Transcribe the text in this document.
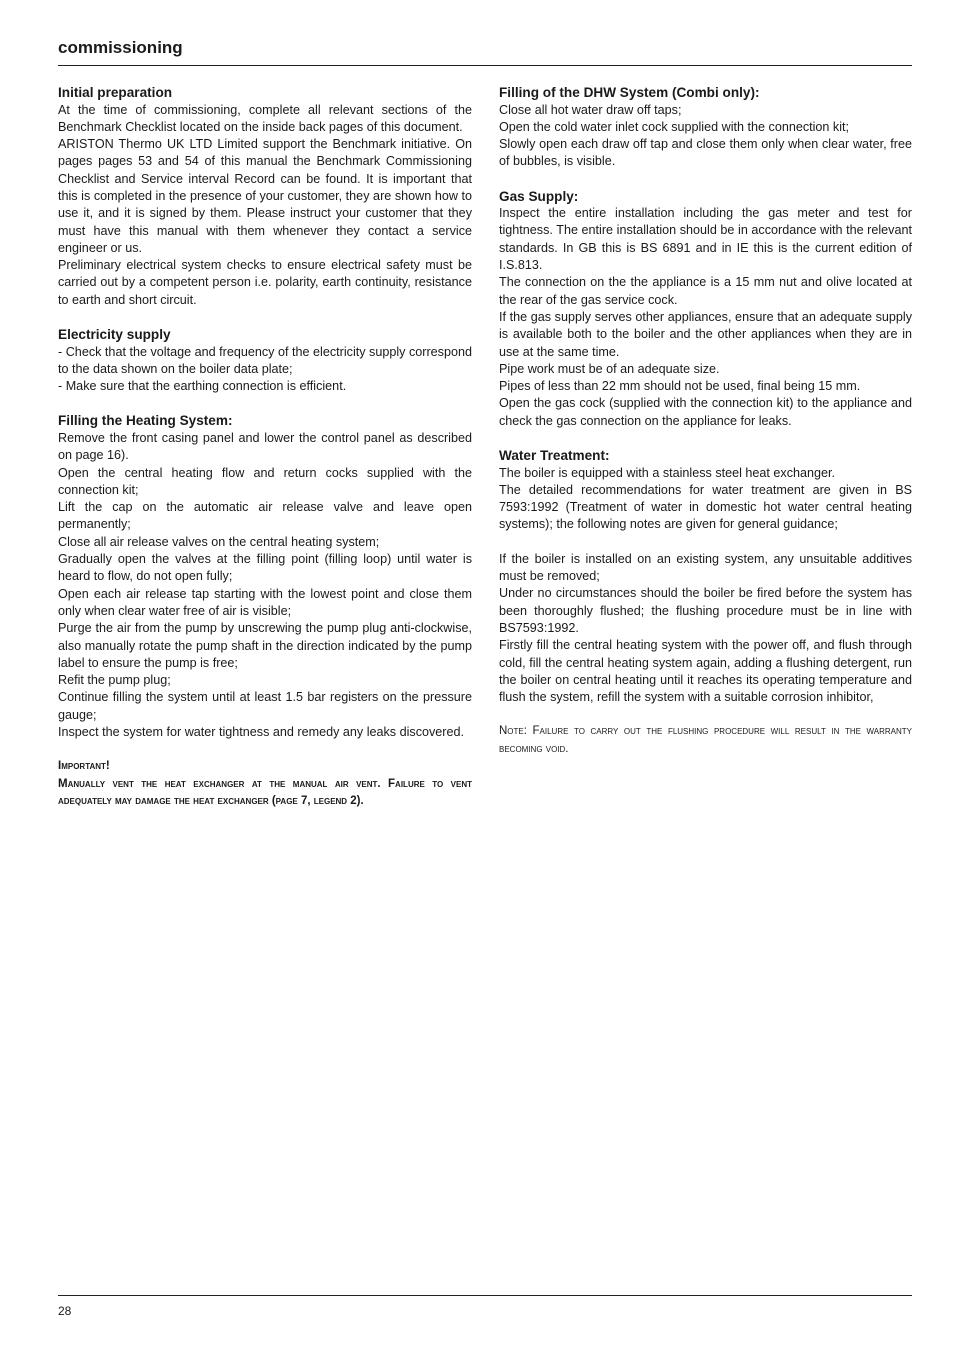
commissioning
Initial preparation

At the time of commissioning, complete all relevant sections of the Benchmark Checklist located on the inside back pages of this document.

ARISTON Thermo UK LTD Limited support the Benchmark initiative. On pages pages 53 and 54 of this manual the Benchmark Commissioning Checklist and Service interval Record can be found. It is important that this is completed in the presence of your customer, they are shown how to use it, and it is signed by them. Please instruct your customer that they must have this manual with them whenever they contact a service engineer or us.

Preliminary electrical system checks to ensure electrical safety must be carried out by a competent person i.e. polarity, earth continuity, resistance to earth and short circuit.

Electricity supply

- Check that the voltage and frequency of the electricity supply correspond to the data shown on the boiler data plate;

- Make sure that the earthing connection is efficient.

Filling the Heating System:

Remove the front casing panel and lower the control panel as described on page 16).

Open the central heating flow and return cocks supplied with the connection kit;

Lift the cap on the automatic air release valve and leave open permanently;

Close all air release valves on the central heating system;

Gradually open the valves at the filling point (filling loop) until water is heard to flow, do not open fully;

Open each air release tap starting with the lowest point and close them only when clear water free of air is visible;

Purge the air from the pump by unscrewing the pump plug anti-clockwise, also manually rotate the pump shaft in the direction indicated by the pump label to ensure the pump is free;

Refit the pump plug;

Continue filling the system until at least 1.5 bar registers on the pressure gauge;

Inspect the system for water tightness and remedy any leaks discovered.

Important!

Manually vent the heat exchanger at the manual air vent. Failure to vent adequately may damage the heat exchanger (page 7, legend 2).

Filling of the DHW System (Combi only):

Close all hot water draw off taps;

Open the cold water inlet cock supplied with the connection kit;

Slowly open each draw off tap and close them only when clear water, free of bubbles, is visible.

Gas Supply:

Inspect the entire installation including the gas meter and test for tightness. The entire installation should be in accordance with the relevant standards. In GB this is BS 6891 and in IE this is the current edition of I.S.813.

The connection on the the appliance is a 15 mm nut and olive located at the rear of the gas service cock.

If the gas supply serves other appliances, ensure that an adequate supply is available both to the boiler and the other appliances when they are in use at the same time.

Pipe work must be of an adequate size.

Pipes of less than 22 mm should not be used, final being 15 mm.

Open the gas cock (supplied with the connection kit) to the appliance and check the gas connection on the appliance for leaks.

Water Treatment:

The boiler is equipped with a stainless steel heat exchanger.

The detailed recommendations for water treatment are given in BS 7593:1992 (Treatment of water in domestic hot water central heating systems); the following notes are given for general guidance;

If the boiler is installed on an existing system, any unsuitable additives must be removed;

Under no circumstances should the boiler be fired before the system has been thoroughly flushed; the flushing procedure must be in line with BS7593:1992.

Firstly fill the central heating system with the power off, and flush through cold, fill the central heating system again, adding a flushing detergent, run the boiler on central heating until it reaches its operating temperature and flush the system, refill the system with a suitable corrosion inhibitor,

Note: Failure to carry out the flushing procedure will result in the warranty becoming void.

28
